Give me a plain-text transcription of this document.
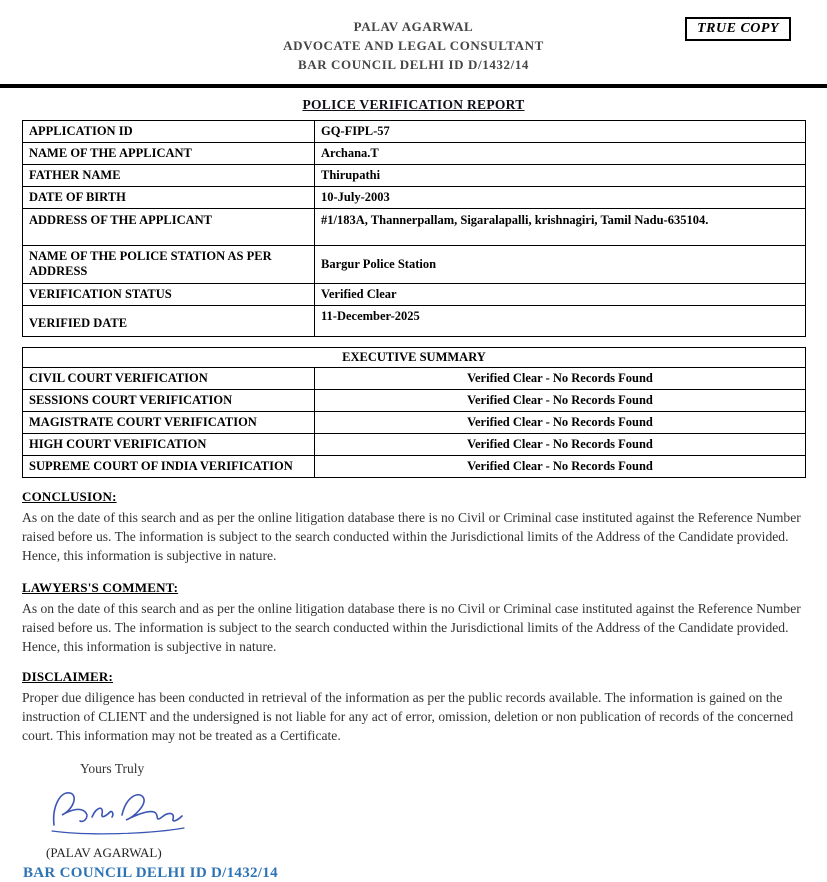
TRUE COPY
PALAV AGARWAL
ADVOCATE AND LEGAL CONSULTANT
BAR COUNCIL DELHI ID D/1432/14
POLICE VERIFICATION REPORT
APPLICATION ID	GQ-FIPL-57
NAME OF THE APPLICANT	Archana.T
FATHER NAME	Thirupathi
DATE OF BIRTH	10-July-2003
ADDRESS OF THE APPLICANT	#1/183A, Thannerpallam, Sigaralapalli, krishnagiri, Tamil Nadu-635104.
NAME OF THE POLICE STATION AS PER ADDRESS	Bargur Police Station
VERIFICATION STATUS	Verified Clear
VERIFIED DATE	11-December-2025
EXECUTIVE SUMMARY	
CIVIL COURT VERIFICATION	Verified Clear - No Records Found
SESSIONS COURT VERIFICATION	Verified Clear - No Records Found
MAGISTRATE COURT VERIFICATION	Verified Clear - No Records Found
HIGH COURT VERIFICATION	Verified Clear - No Records Found
SUPREME COURT OF INDIA VERIFICATION	Verified Clear - No Records Found
CONCLUSION:

As on the date of this search and as per the online litigation database there is no Civil or Criminal case instituted against the Reference Number raised before us. The information is subject to the search conducted within the Jurisdictional limits of the Address of the Candidate provided. Hence, this information is subjective in nature.

LAWYERS'S COMMENT:

As on the date of this search and as per the online litigation database there is no Civil or Criminal case instituted against the Reference Number raised before us. The information is subject to the search conducted within the Jurisdictional limits of the Address of the Candidate provided. Hence, this information is subjective in nature.

DISCLAIMER:

Proper due diligence has been conducted in retrieval of the information as per the public records available. The information is gained on the instruction of CLIENT and the undersigned is not liable for any act of error, omission, deletion or non publication of records of the concerned court. This information may not be treated as a Certificate.

Yours Truly
(PALAV AGARWAL)
BAR COUNCIL DELHI ID D/1432/14
